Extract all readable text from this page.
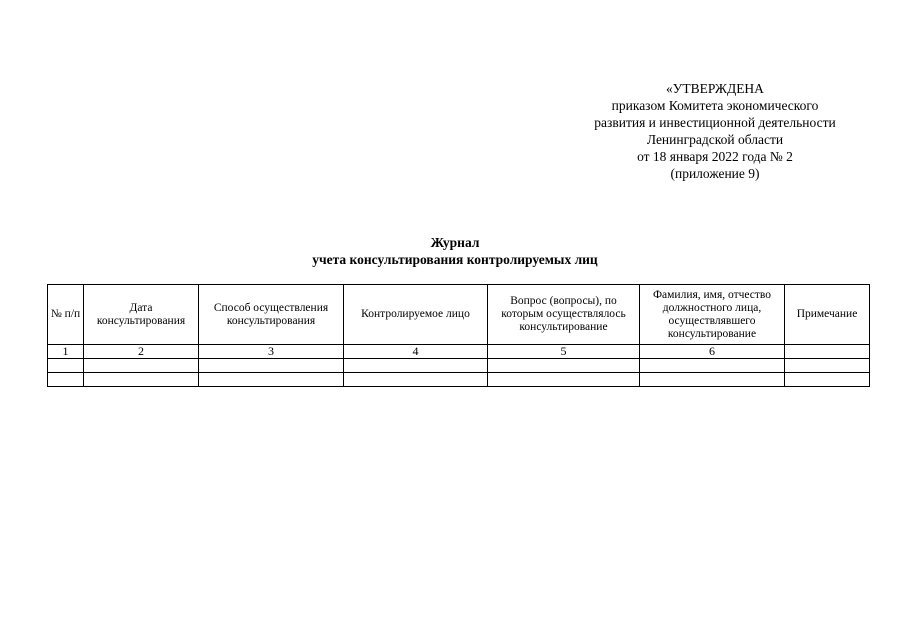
«УТВЕРЖДЕНА
приказом Комитета экономического
развития и инвестиционной деятельности
Ленинградской области
от 18 января 2022 года № 2
(приложение 9)
Журнал
учета консультирования контролируемых лиц
№ п/п	Дата консультирования	Способ осуществления консультирования	Контролируемое лицо	Вопрос (вопросы), по которым осуществлялось консультирование	Фамилия, имя, отчество должностного лица, осуществлявшего консультирование	Примечание
1	2	3	4	5	6	
